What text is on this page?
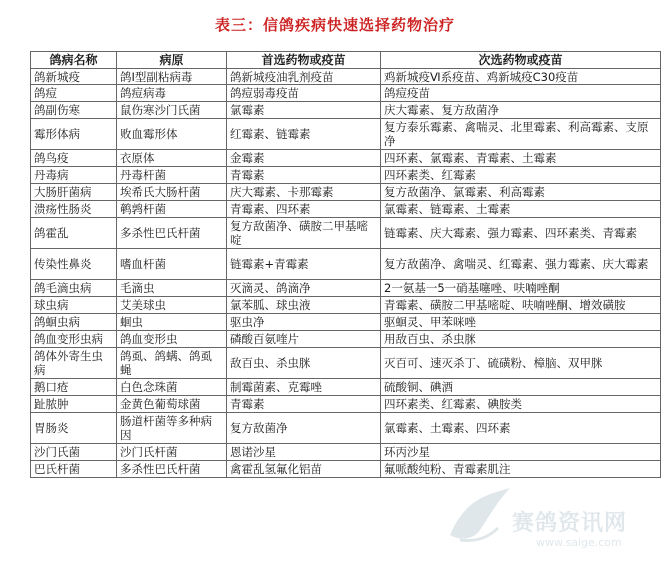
表三：信鸽疾病快速选择药物治疗
鸽病名称	病原	首选药物或疫苗	次选药物或疫苗
鸽新城疫	鸽Ⅰ型副粘病毒	鸽新城疫油乳剂疫苗	鸡新城疫Ⅵ系疫苗、鸡新城疫C30疫苗
鸽痘	鸽痘病毒	鸽痘弱毒疫苗	鸽痘疫苗
鸽副伤寒	鼠伤寒沙门氏菌	氯霉素	庆大霉素、复方敌菌净
霉形体病	败血霉形体	红霉素、链霉素	复方泰乐霉素、禽喘灵、北里霉素、利高霉素、支原净
鸽鸟疫	衣原体	金霉素	四环素、氯霉素、青霉素、土霉素
丹毒病	丹毒杆菌	青霉素	四环素类、红霉素
大肠肝菌病	埃希氏大肠杆菌	庆大霉素、卡那霉素	复方敌菌净、氯霉素、利高霉素
溃疡性肠炎	鹌鹑杆菌	青霉素、四环素	氯霉素、链霉素、土霉素
鸽霍乱	多杀性巴氏杆菌	复方敌菌净、磺胺二甲基嘧啶	链霉素、庆大霉素、强力霉素、四环素类、青霉素
传染性鼻炎	嗜血杆菌	链霉素+青霉素	复方敌菌净、禽喘灵、红霉素、强力霉素、庆大霉素
鸽毛滴虫病	毛滴虫	灭滴灵、鸽滴净	2一氨基一5一硝基噻唑、呋喃唑酮
球虫病	艾美球虫	氯苯胍、球虫液	青霉素、磺胺二甲基嘧啶、呋喃唑酮、增效磺胺
鸽蛔虫病	蛔虫	驱虫净	驱蛔灵、甲苯咪唑
鸽血变形虫病	鸽血变形虫	磷酸百氨喹片	用敌百虫、杀虫脒
鸽体外寄生虫病	鸽虱、鸽螨、鸽虱蝇	敌百虫、杀虫脒	灭百可、速灭杀丁、硫磺粉、樟脑、双甲脒
鹅口疮	白色念珠菌	制霉菌素、克霉唑	硫酸铜、碘酒
趾脓肿	金黄色葡萄球菌	青霉素	四环素类、红霉素、碘胺类
胃肠炎	肠道杆菌等多种病因	复方敌菌净	氯霉素、土霉素、四环素
沙门氏菌	沙门氏杆菌	恩诺沙星	环丙沙星
巴氏杆菌	多杀性巴氏杆菌	禽霍乱氢氟化铝苗	氟哌酸纯粉、青霉素肌注
赛鸽资讯网
www.saige.com
